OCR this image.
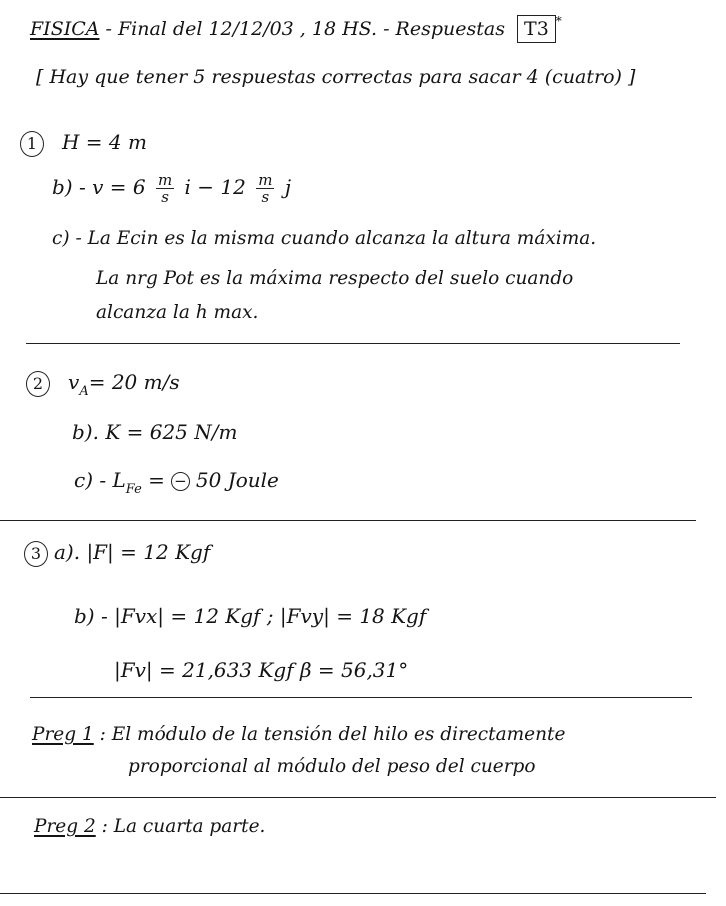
FISICA - Final del 12/12/03 , 18 HS. - Respuestas T3 *
[ Hay que tener 5 respuestas correctas para sacar 4 (cuatro) ]
1 H = 4 m
$b) - v = 6 \frac{m}{s}$ $i - 12 \frac{m}{s}$ j
c) - La Ecin es la misma cuando alcanza la altura máxima.
La nrg Pot es la máxima respecto del suelo cuando
alcanza la h max.
2 $v_A= 20$ m/s
b). K = 625 N/m
$c) - L_{Fe}$ = − 50 Joule
3 a). |F| = 12 Kgf
b) - |Fvx| = 12 Kgf ; |Fvy| = 18 Kgf
|Fv| = 21,633 Kgf β = 56,31°
Preg 1 : El módulo de la tensión del hilo es directamente
proporcional al módulo del peso del cuerpo
Preg 2 : La cuarta parte.
